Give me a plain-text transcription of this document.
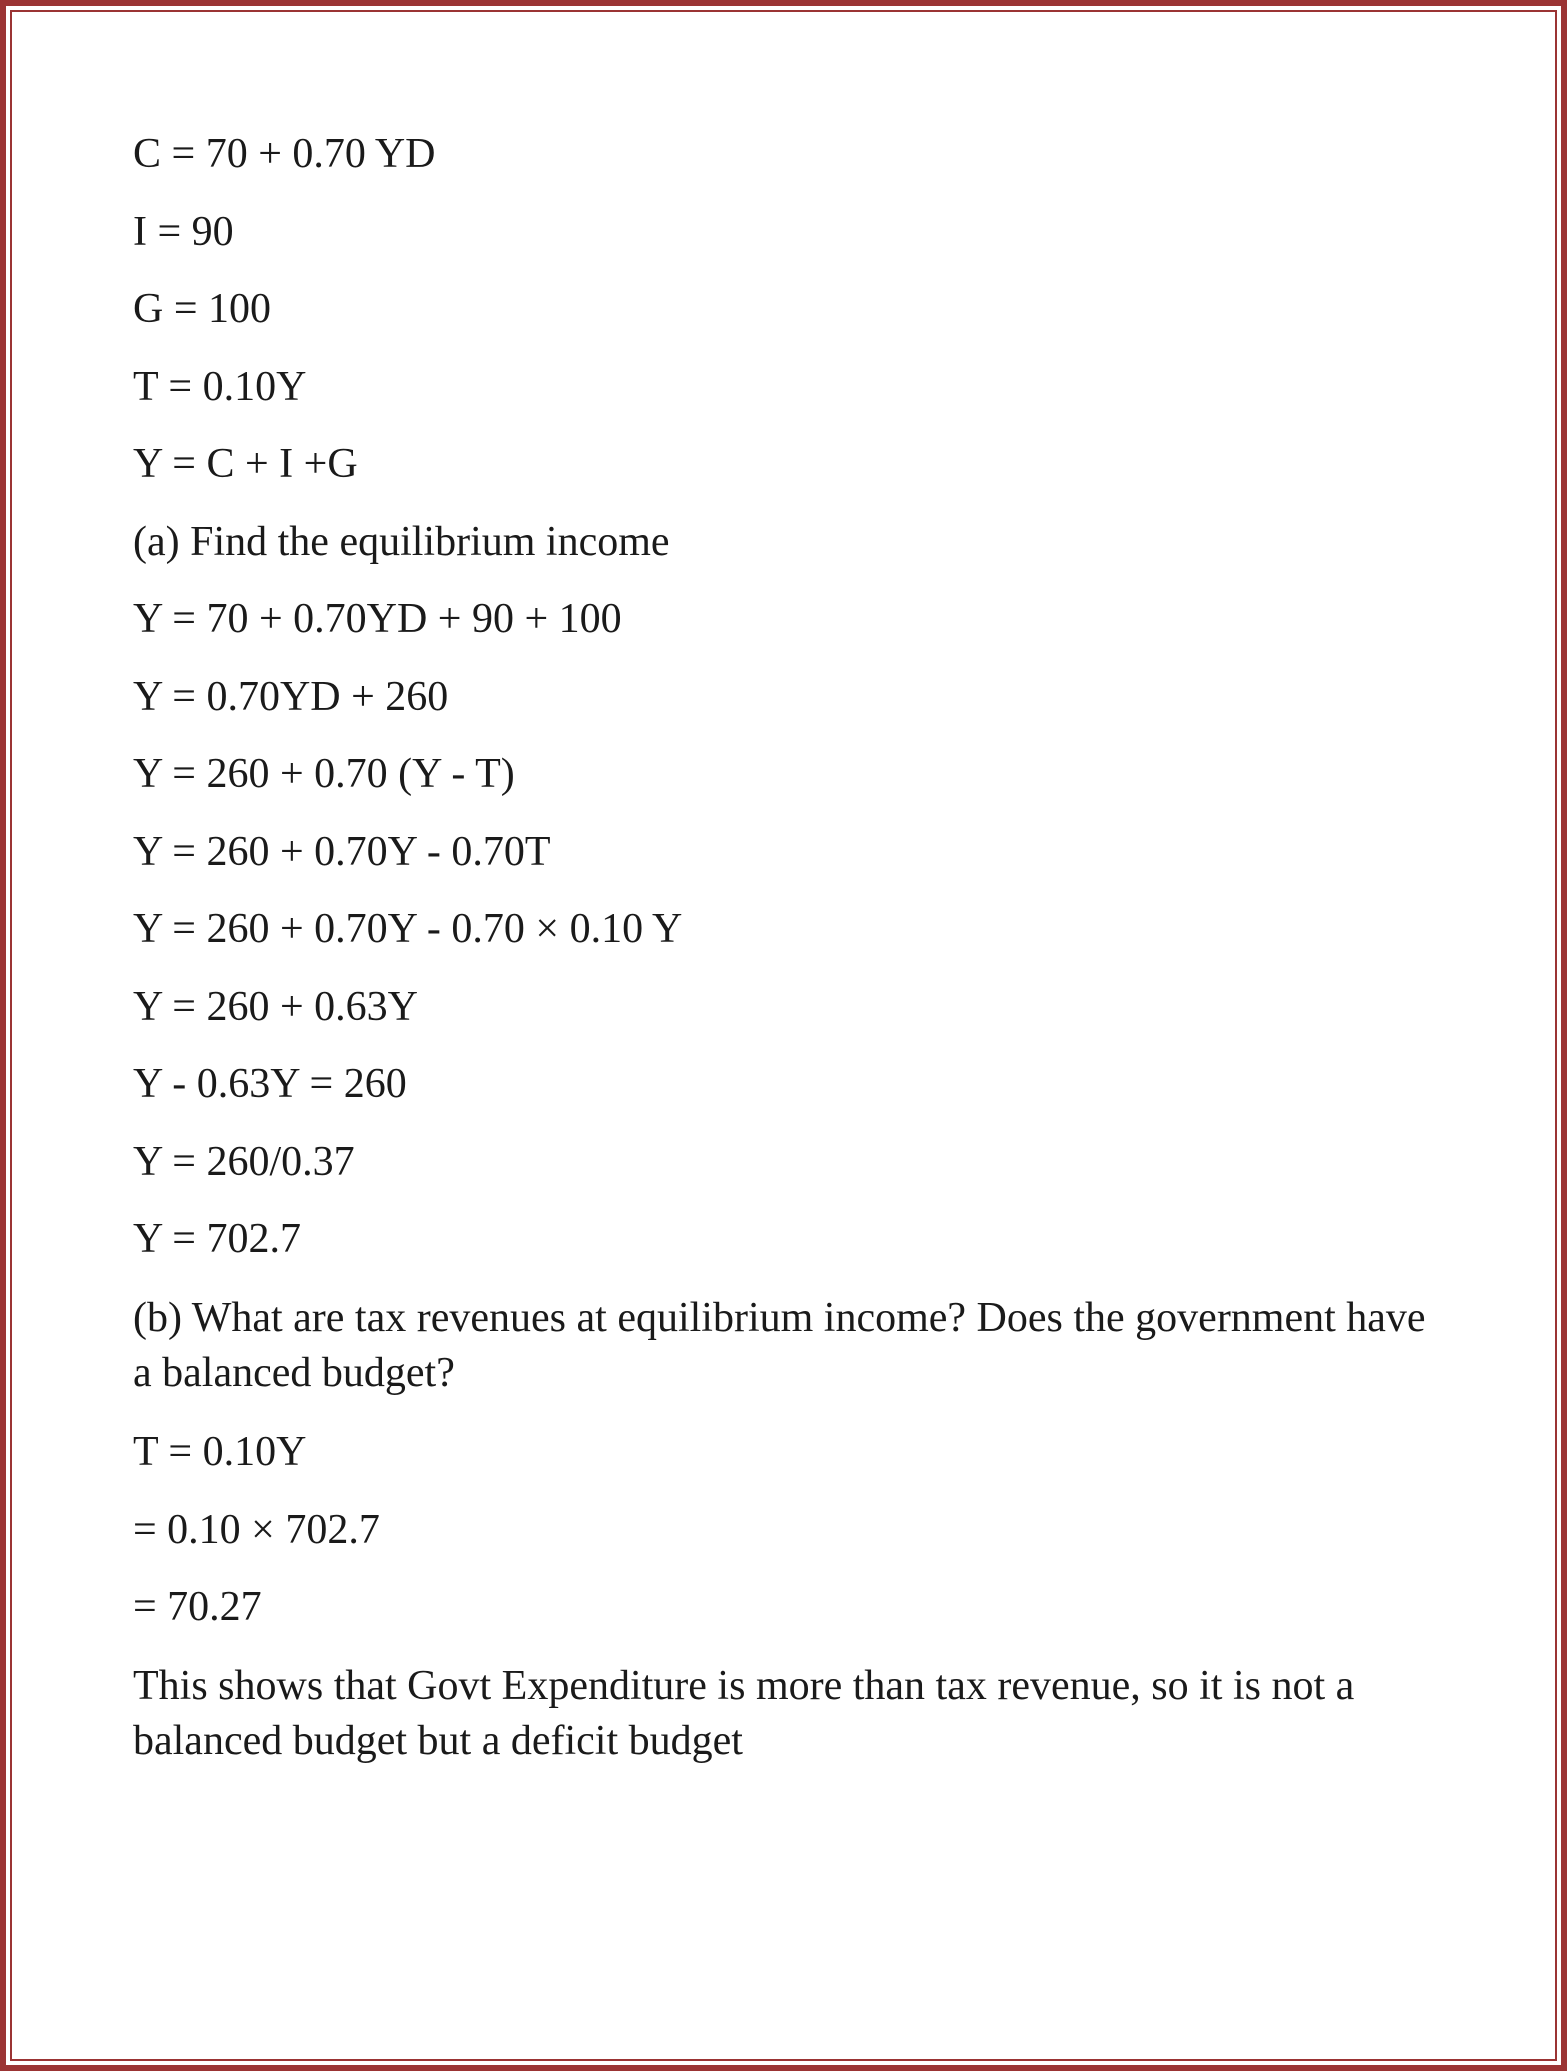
C = 70 + 0.70 YD
I = 90
G = 100
T = 0.10Y
Y = C + I +G
(a) Find the equilibrium income
Y = 70 + 0.70YD + 90 + 100
Y = 0.70YD + 260
Y = 260 + 0.70 (Y - T)
Y = 260 + 0.70Y - 0.70T
Y = 260 + 0.70Y - 0.70 × 0.10 Y
Y = 260 + 0.63Y
Y - 0.63Y = 260
Y = 260/0.37
Y = 702.7
(b) What are tax revenues at equilibrium income? Does the government have a balanced budget?
T = 0.10Y
= 0.10 × 702.7
= 70.27
This shows that Govt Expenditure is more than tax revenue, so it is not a balanced budget but a deficit budget
